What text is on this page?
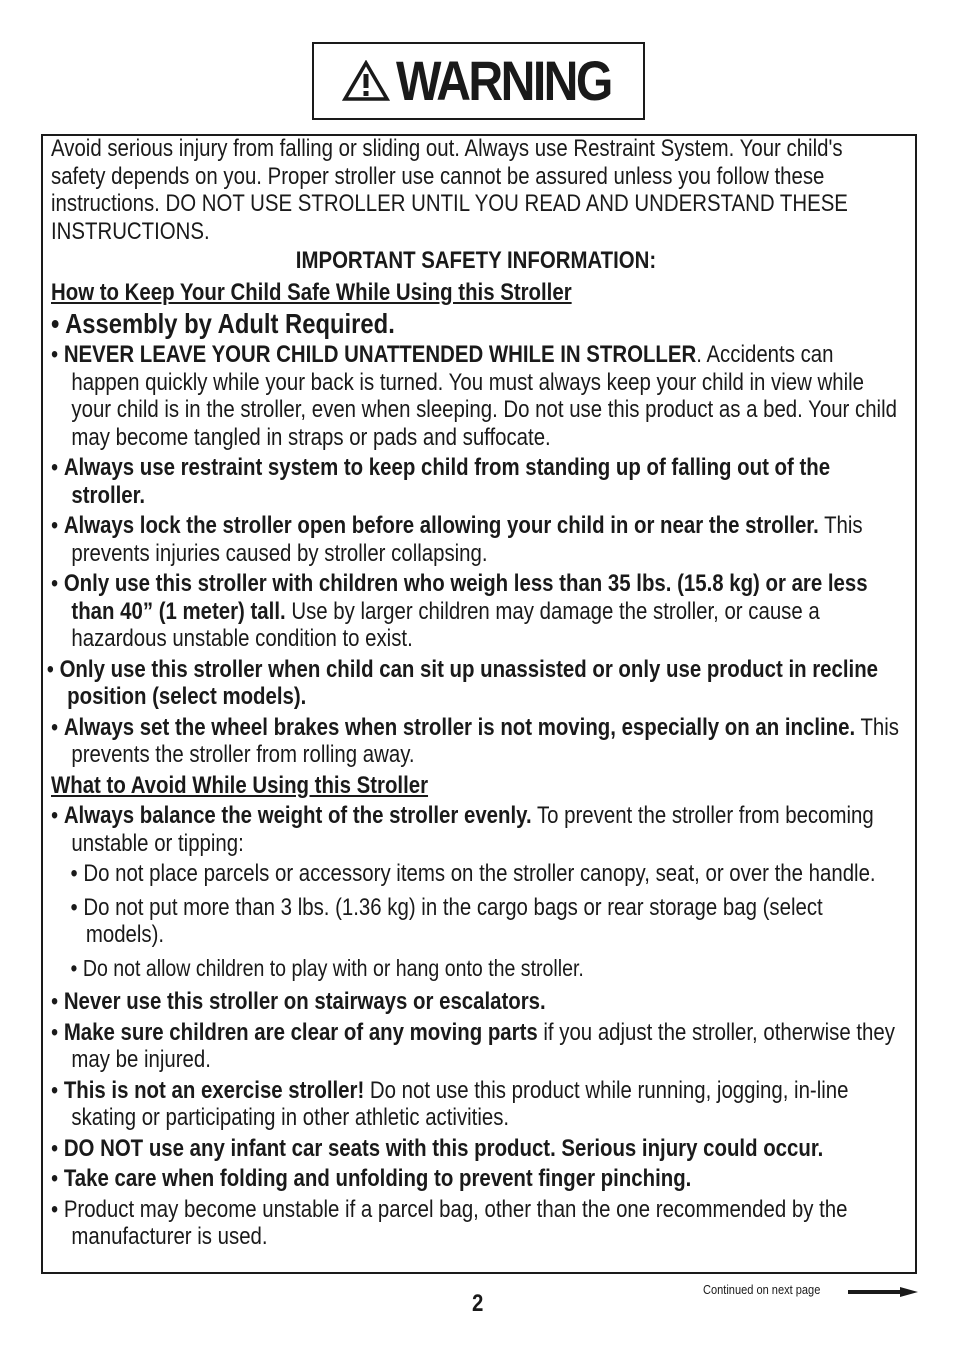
WARNING

Avoid serious injury from falling or sliding out. Always use Restraint System. Your child's safety depends on you. Proper stroller use cannot be assured unless you follow these instructions. DO NOT USE STROLLER UNTIL YOU READ AND UNDERSTAND THESE INSTRUCTIONS.

IMPORTANT SAFETY INFORMATION:

How to Keep Your Child Safe While Using this Stroller

• Assembly by Adult Required.

• NEVER LEAVE YOUR CHILD UNATTENDED WHILE IN STROLLER. Accidents can happen quickly while your back is turned. You must always keep your child in view while your child is in the stroller, even when sleeping. Do not use this product as a bed. Your child may become tangled in straps or pads and suffocate.

• Always use restraint system to keep child from standing up of falling out of the stroller.

• Always lock the stroller open before allowing your child in or near the stroller. This prevents injuries caused by stroller collapsing.

• Only use this stroller with children who weigh less than 35 lbs. (15.8 kg) or are less than 40” (1 meter) tall. Use by larger children may damage the stroller, or cause a hazardous unstable condition to exist.

• Only use this stroller when child can sit up unassisted or only use product in recline position (select models).

• Always set the wheel brakes when stroller is not moving, especially on an incline. This prevents the stroller from rolling away.

What to Avoid While Using this Stroller

• Always balance the weight of the stroller evenly. To prevent the stroller from becoming unstable or tipping:

• Do not place parcels or accessory items on the stroller canopy, seat, or over the handle.

• Do not put more than 3 lbs. (1.36 kg) in the cargo bags or rear storage bag (select models).

• Do not allow children to play with or hang onto the stroller.

• Never use this stroller on stairways or escalators.

• Make sure children are clear of any moving parts if you adjust the stroller, otherwise they may be injured.

• This is not an exercise stroller! Do not use this product while running, jogging, in-line skating or participating in other athletic activities.

• DO NOT use any infant car seats with this product. Serious injury could occur.

• Take care when folding and unfolding to prevent finger pinching.

• Product may become unstable if a parcel bag, other than the one recommended by the manufacturer is used.

2
Continued on next page
